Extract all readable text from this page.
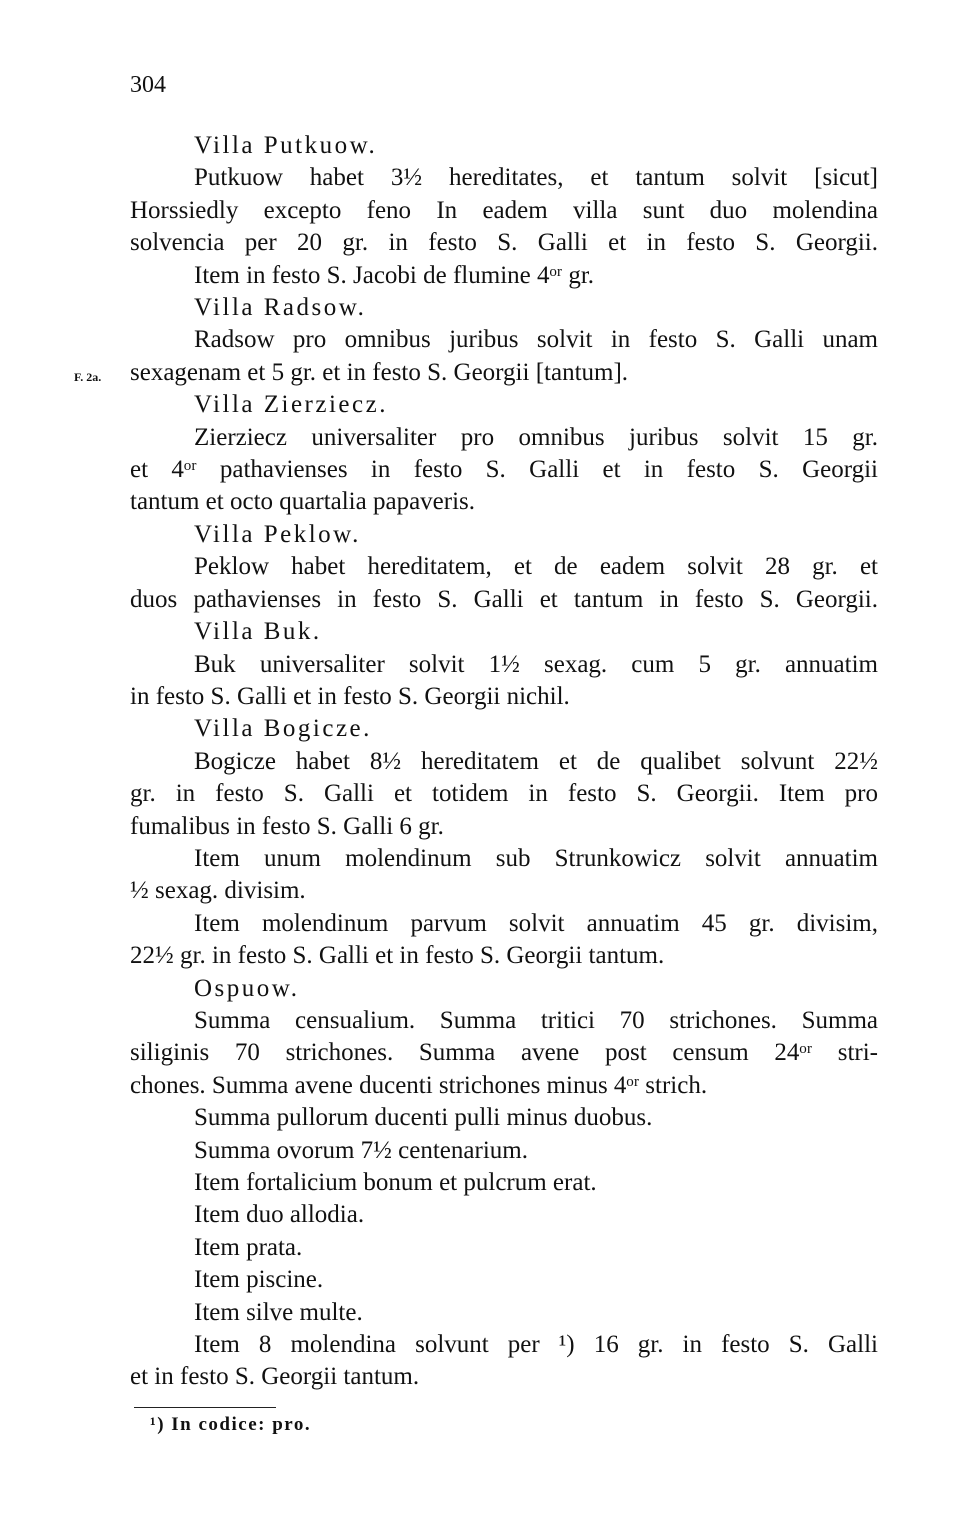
304
F. 2a.
Villa Putkuow.
Putkuow habet 3½ hereditates, et tantum solvit [sicut]
Horssiedly excepto feno In eadem villa sunt duo molendina
solvencia per 20 gr. in festo S. Galli et in festo S. Georgii.
Item in festo S. Jacobi de flumine 4ᵒʳ gr.
Villa Radsow.
Radsow pro omnibus juribus solvit in festo S. Galli unam
sexagenam et 5 gr. et in festo S. Georgii [tantum].
Villa Zierziecz.
Zierziecz universaliter pro omnibus juribus solvit 15 gr.
et 4ᵒʳ pathavienses in festo S. Galli et in festo S. Georgii
tantum et octo quartalia papaveris.
Villa Peklow.
Peklow habet hereditatem, et de eadem solvit 28 gr. et
duos pathavienses in festo S. Galli et tantum in festo S. Georgii.
Villa Buk.
Buk universaliter solvit 1½ sexag. cum 5 gr. annuatim
in festo S. Galli et in festo S. Georgii nichil.
Villa Bogicze.
Bogicze habet 8½ hereditatem et de qualibet solvunt 22½
gr. in festo S. Galli et totidem in festo S. Georgii. Item pro
fumalibus in festo S. Galli 6 gr.
Item unum molendinum sub Strunkowicz solvit annuatim
½ sexag. divisim.
Item molendinum parvum solvit annuatim 45 gr. divisim,
22½ gr. in festo S. Galli et in festo S. Georgii tantum.
Ospuow.
Summa censualium. Summa tritici 70 strichones. Summa
siliginis 70 strichones. Summa avene post censum 24ᵒʳ stri-
chones. Summa avene ducenti strichones minus 4ᵒʳ strich.
Summa pullorum ducenti pulli minus duobus.
Summa ovorum 7½ centenarium.
Item fortalicium bonum et pulcrum erat.
Item duo allodia.
Item prata.
Item piscine.
Item silve multe.
Item 8 molendina solvunt per ¹) 16 gr. in festo S. Galli
et in festo S. Georgii tantum.
¹) In codice: pro.
